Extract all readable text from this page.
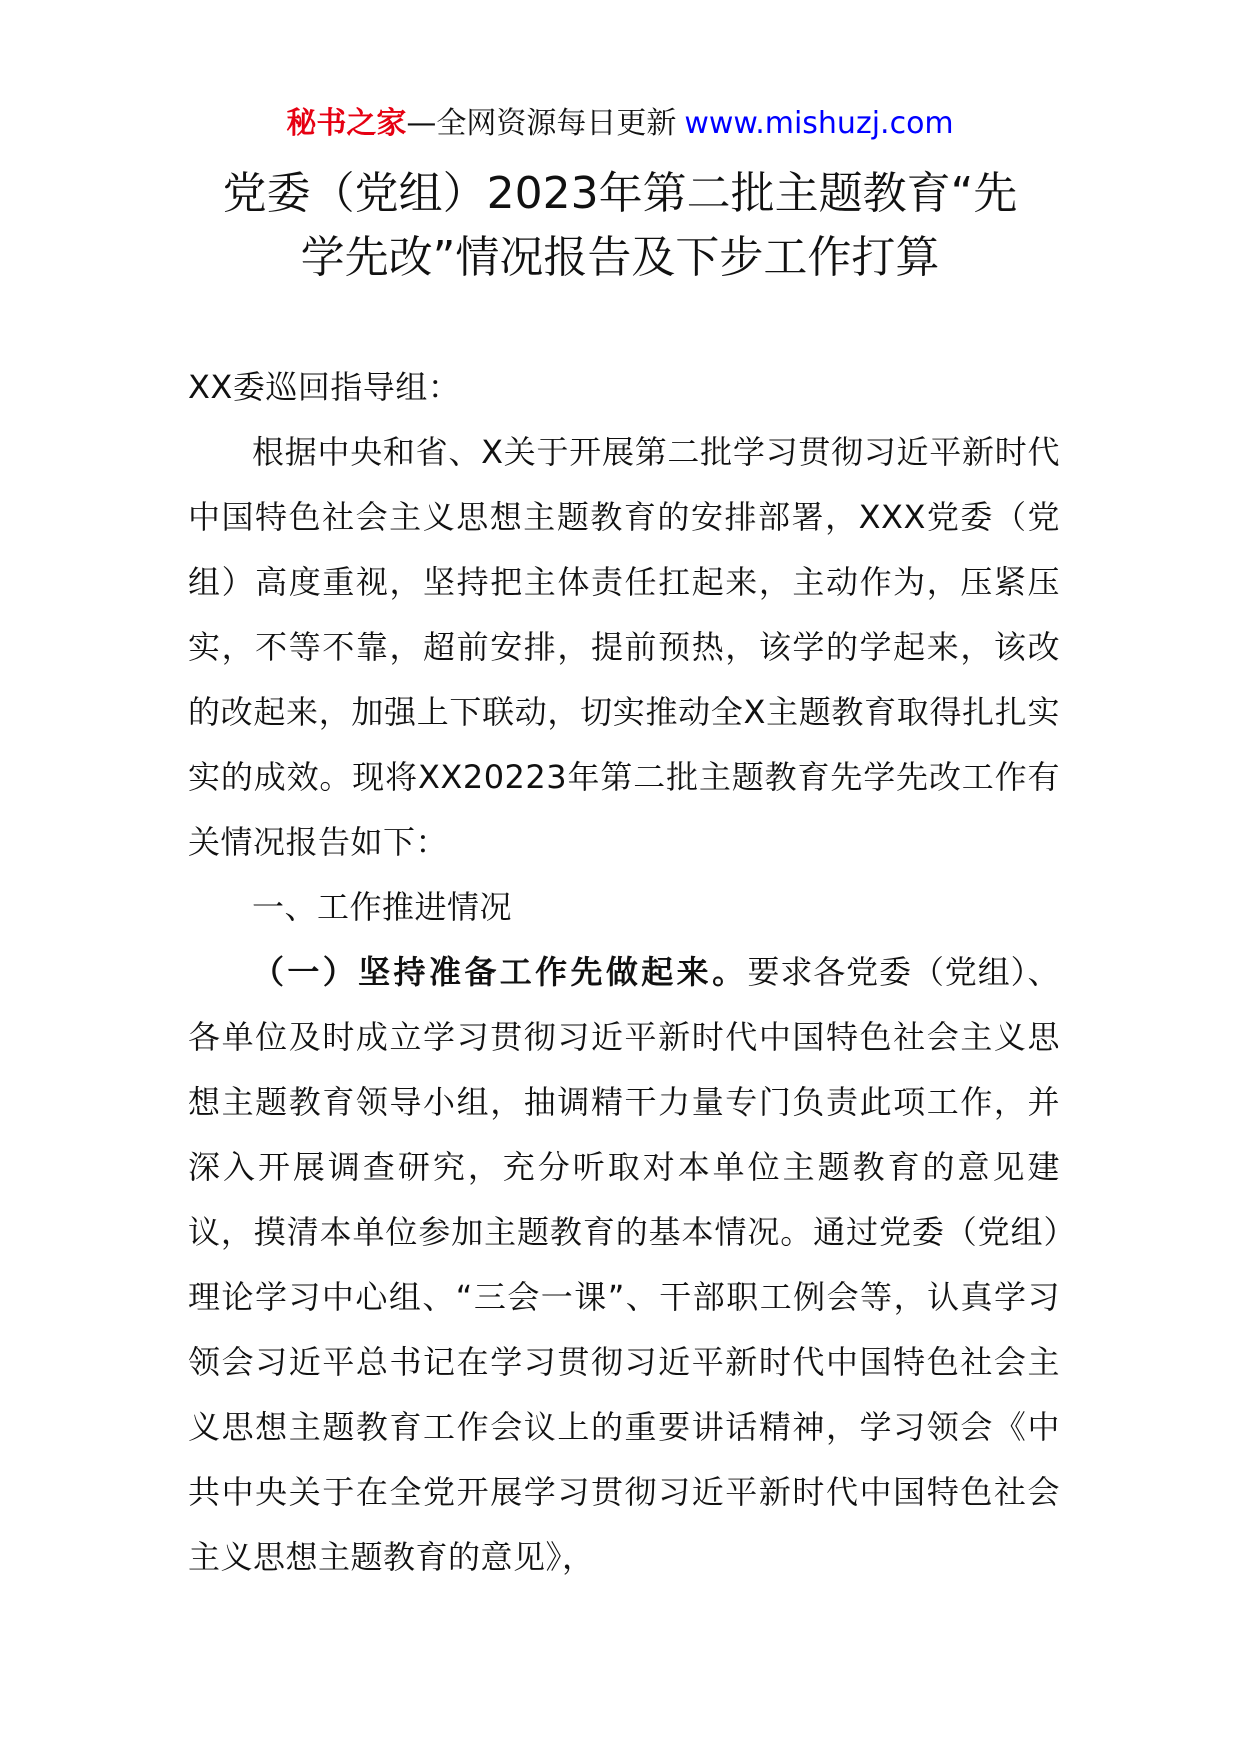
秘书之家—全网资源每日更新 www.mishuzj.com
党委（党组）2023年第二批主题教育“先
学先改”情况报告及下步工作打算

XX委巡回指导组：

根据中央和省、X关于开展第二批学习贯彻习近平新时代中国特色社会主义思想主题教育的安排部署，XXX党委（党组）高度重视，坚持把主体责任扛起来，主动作为，压紧压实，不等不靠，超前安排，提前预热，该学的学起来，该改的改起来，加强上下联动，切实推动全X主题教育取得扎扎实实的成效。现将XX20223年第二批主题教育先学先改工作有关情况报告如下：

一、工作推进情况

（一）坚持准备工作先做起来。要求各党委（党组）、各单位及时成立学习贯彻习近平新时代中国特色社会主义思想主题教育领导小组，抽调精干力量专门负责此项工作，并深入开展调查研究，充分听取对本单位主题教育的意见建议，摸清本单位参加主题教育的基本情况。通过党委（党组）理论学习中心组、“三会一课”、干部职工例会等，认真学习领会习近平总书记在学习贯彻习近平新时代中国特色社会主义思想主题教育工作会议上的重要讲话精神，学习领会《中共中央关于在全党开展学习贯彻习近平新时代中国特色社会主义思想主题教育的意见》，
